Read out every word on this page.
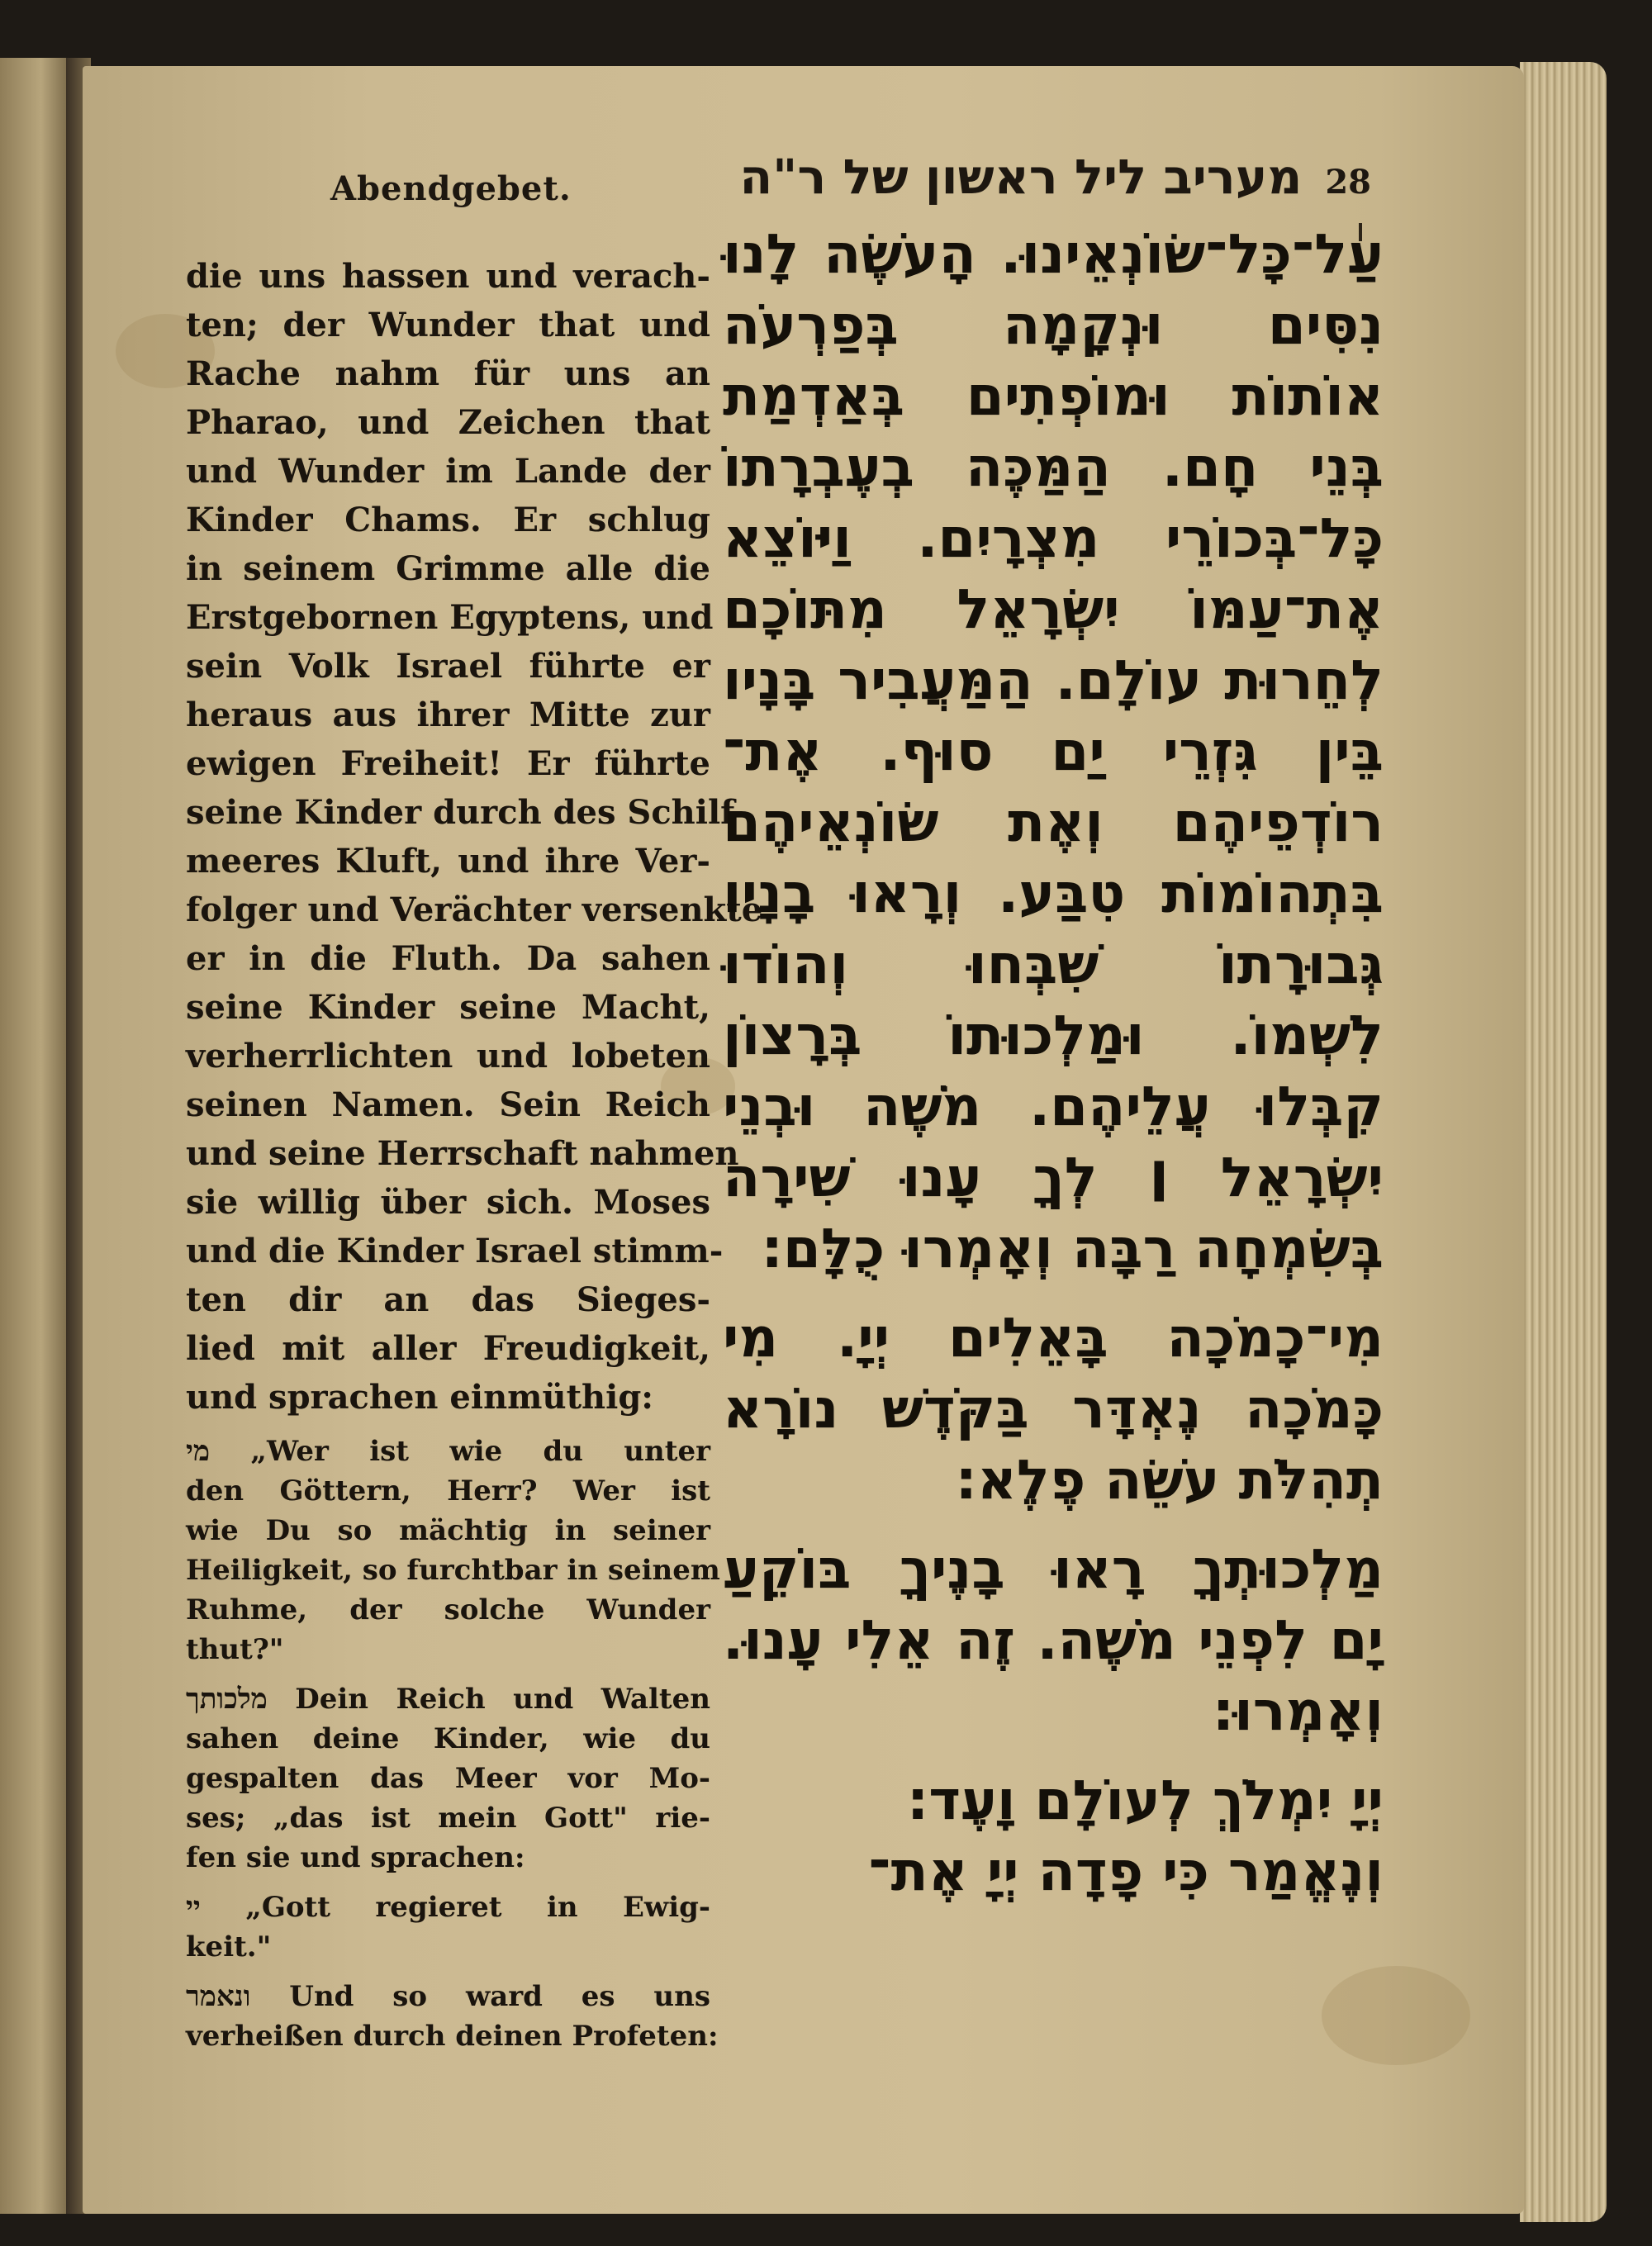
Abendgebet.	28
מעריב ליל ראשון של ר"ה
die uns hassen und verach-
ten; der Wunder that und
Rache nahm für uns an
Pharao, und Zeichen that
und Wunder im Lande der
Kinder Chams. Er schlug
in seinem Grimme alle die
Erstgebornen Egyptens, und
sein Volk Israel führte er
heraus aus ihrer Mitte zur
ewigen Freiheit! Er führte
seine Kinder durch des Schilf-
meeres Kluft, und ihre Ver-
folger und Verächter versenkte
er in die Fluth. Da sahen
seine Kinder seine Macht,
verherrlichten und lobeten
seinen Namen. Sein Reich
und seine Herrschaft nahmen
sie willig über sich. Moses
und die Kinder Israel stimm-
ten dir an das Sieges-
lied mit aller Freudigkeit,
und sprachen einmüthig:
מי „Wer ist wie du unter
den Göttern, Herr? Wer ist
wie Du so mächtig in seiner
Heiligkeit, so furchtbar in seinem
Ruhme, der solche Wunder
thut?"
מלכותך Dein Reich und Walten
sahen deine Kinder, wie du
gespalten das Meer vor Mo-
ses; „das ist mein Gott" rie-
fen sie und sprachen:
יי „Gott regieret in Ewig-
keit."
ונאמר Und so ward es uns
verheißen durch deinen Profeten:
עַל־כָּל־שׂוֹנְאֵינוּ. הָעֹשֶׂה לָנוּ
נִסִּים וּנְקָמָה בְּפַרְעֹה
אוֹתוֹת וּמוֹפְתִים בְּאַדְמַת
בְּנֵי חָם. הַמַּכֶּה בְעֶבְרָתוֹ
כָּל־בְּכוֹרֵי מִצְרָיִם. וַיּוֹצֵא
אֶת־עַמּוֹ יִשְׂרָאֵל מִתּוֹכָם
לְחֵרוּת עוֹלָם. הַמַּעֲבִיר בָּנָיו
בֵּין גִּזְרֵי יַם סוּף. אֶת־
רוֹדְפֵיהֶם וְאֶת שׂוֹנְאֵיהֶם
בִּתְהוֹמוֹת טִבַּע. וְרָאוּ בָנָיו
גְּבוּרָתוֹ שִׁבְּחוּ וְהוֹדוּ
לִשְׁמוֹ. וּמַלְכוּתוֹ בְּרָצוֹן
קִבְּלוּ עֲלֵיהֶם. מֹשֶׁה וּבְנֵי
יִשְׂרָאֵל ׀ לְךָ עָנוּ שִׁירָה
בְּשִׂמְחָה רַבָּה וְאָמְרוּ כֻלָּם:
מִי־כָמֹכָה בָּאֵלִים יְיָ. מִי
כָּמֹכָה נֶאְדָּר בַּקֹּדֶשׁ נוֹרָא
תְהִלֹּת עֹשֵׂה פֶלֶא:
מַלְכוּתְךָ רָאוּ בָנֶיךָ בּוֹקֵעַ
יָם לִפְנֵי מֹשֶׁה. זֶה אֵלִי עָנוּ.
וְאָמְרוּ:
יְיָ יִמְלֹךְ לְעוֹלָם וָעֶד:
וְנֶאֱמַר כִּי פָדָה יְיָ אֶת־
